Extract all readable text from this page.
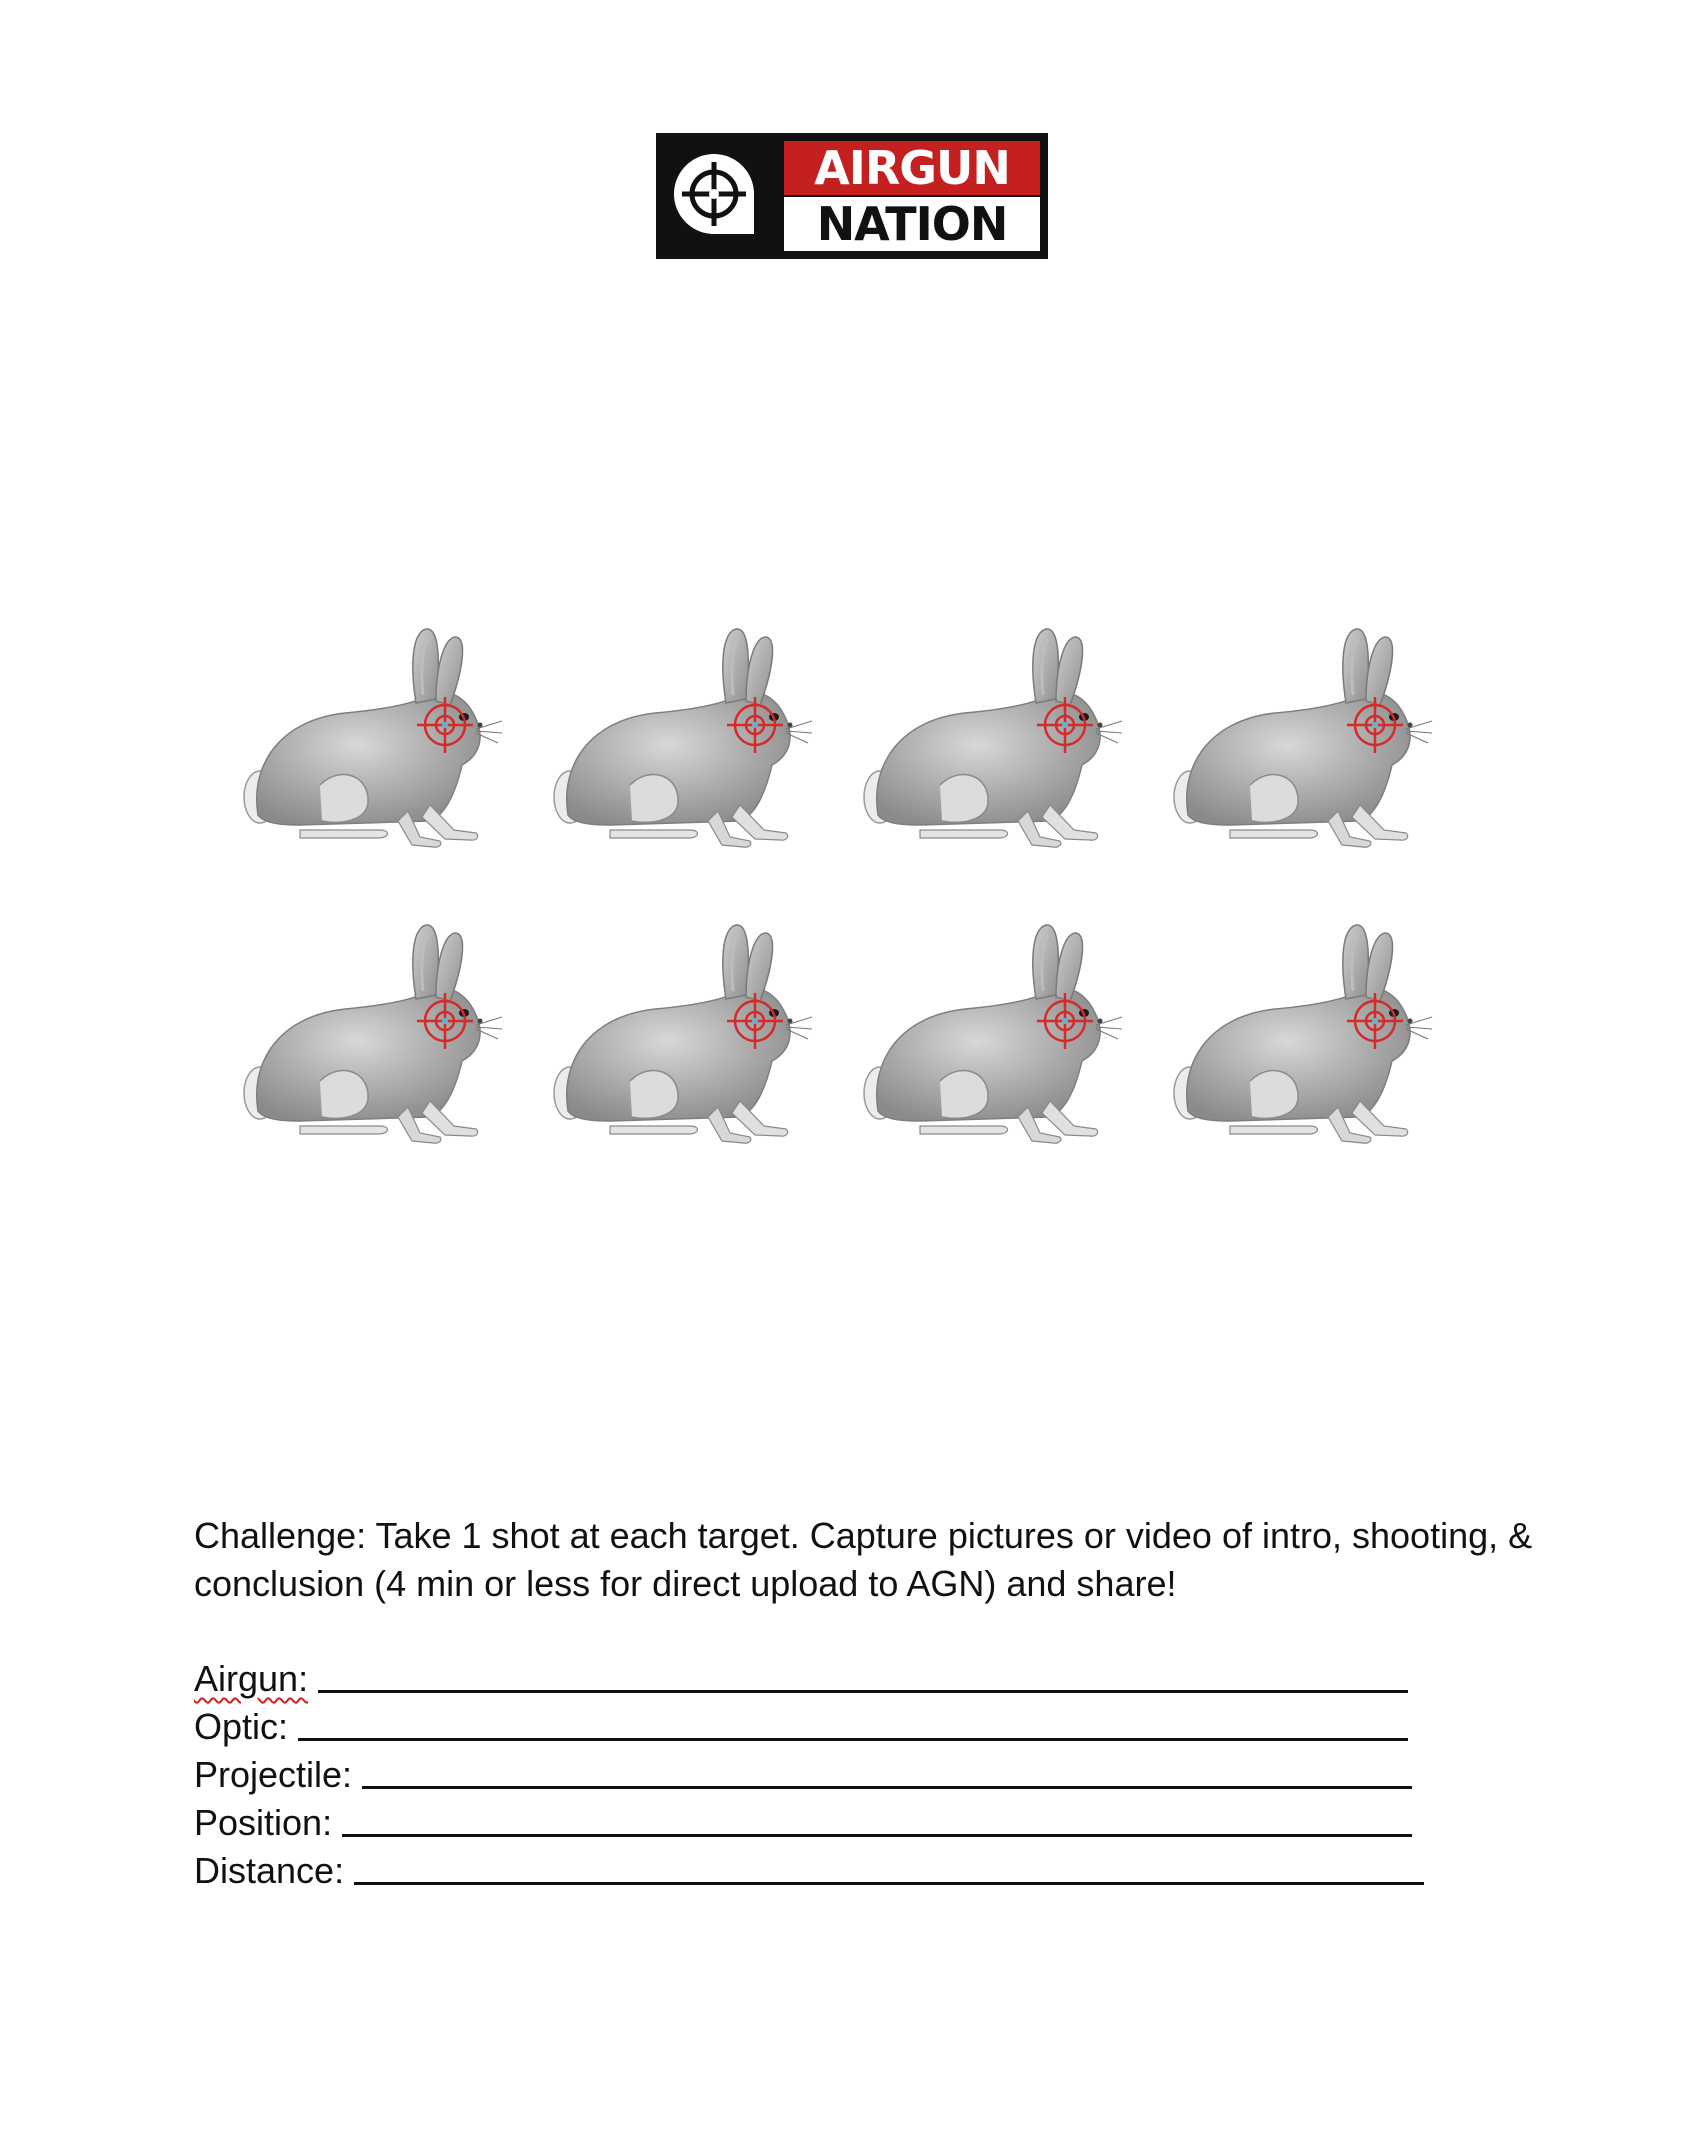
AIRGUN
NATION

Challenge: Take 1 shot at each target. Capture pictures or video of intro, shooting, & conclusion (4 min or less for direct upload to AGN) and share!

Airgun:
Optic:
Projectile:
Position:
Distance:
